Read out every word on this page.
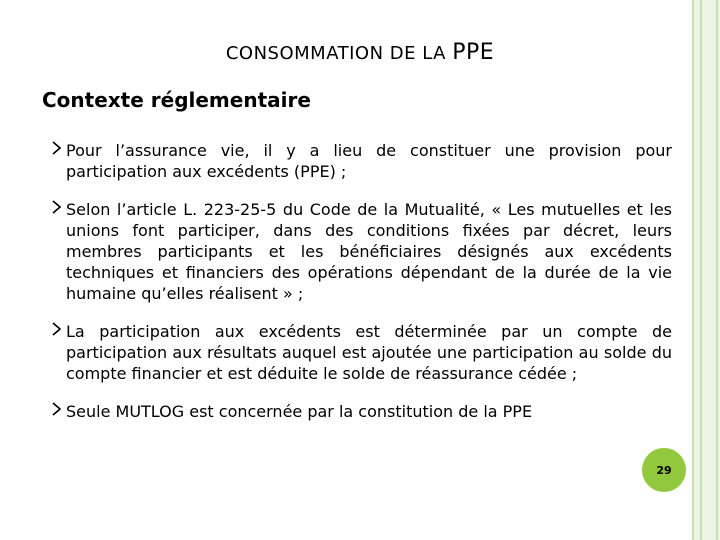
CONSOMMATION DE LA PPE
Contexte réglementaire
Pour l’assurance vie, il y a lieu de constituer une provision pour participation aux excédents (PPE) ;
Selon l’article L. 223-25-5 du Code de la Mutualité, « Les mutuelles et les unions font participer, dans des conditions fixées par décret, leurs membres participants et les bénéficiaires désignés aux excédents techniques et financiers des opérations dépendant de la durée de la vie humaine qu’elles réalisent » ;
La participation aux excédents est déterminée par un compte de participation aux résultats auquel est ajoutée une participation au solde du compte financier et est déduite le solde de réassurance cédée ;
Seule MUTLOG est concernée par la constitution de la PPE
29
